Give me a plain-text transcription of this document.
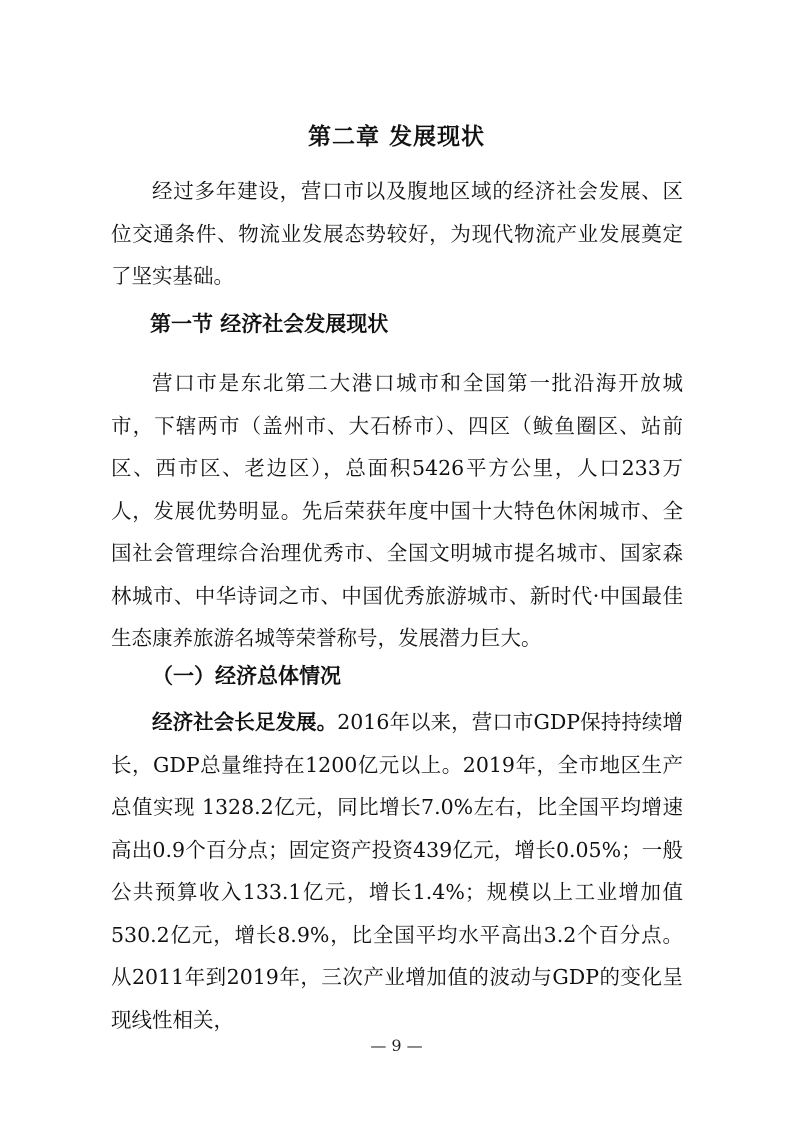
第二章 发展现状

经过多年建设，营口市以及腹地区域的经济社会发展、区位交通条件、物流业发展态势较好，为现代物流产业发展奠定了坚实基础。

第一节 经济社会发展现状

营口市是东北第二大港口城市和全国第一批沿海开放城市，下辖两市（盖州市、大石桥市）、四区（鲅鱼圈区、站前区、西市区、老边区），总面积5426平方公里，人口233万人，发展优势明显。先后荣获年度中国十大特色休闲城市、全国社会管理综合治理优秀市、全国文明城市提名城市、国家森林城市、中华诗词之市、中国优秀旅游城市、新时代·中国最佳生态康养旅游名城等荣誉称号，发展潜力巨大。

（一）经济总体情况

经济社会长足发展。2016年以来，营口市GDP保持持续增长，GDP总量维持在1200亿元以上。2019年，全市地区生产总值实现 1328.2亿元，同比增长7.0%左右，比全国平均增速高出0.9个百分点；固定资产投资439亿元，增长0.05%；一般公共预算收入133.1亿元，增长1.4%；规模以上工业增加值530.2亿元，增长8.9%，比全国平均水平高出3.2个百分点。从2011年到2019年，三次产业增加值的波动与GDP的变化呈现线性相关，

— 9 —
